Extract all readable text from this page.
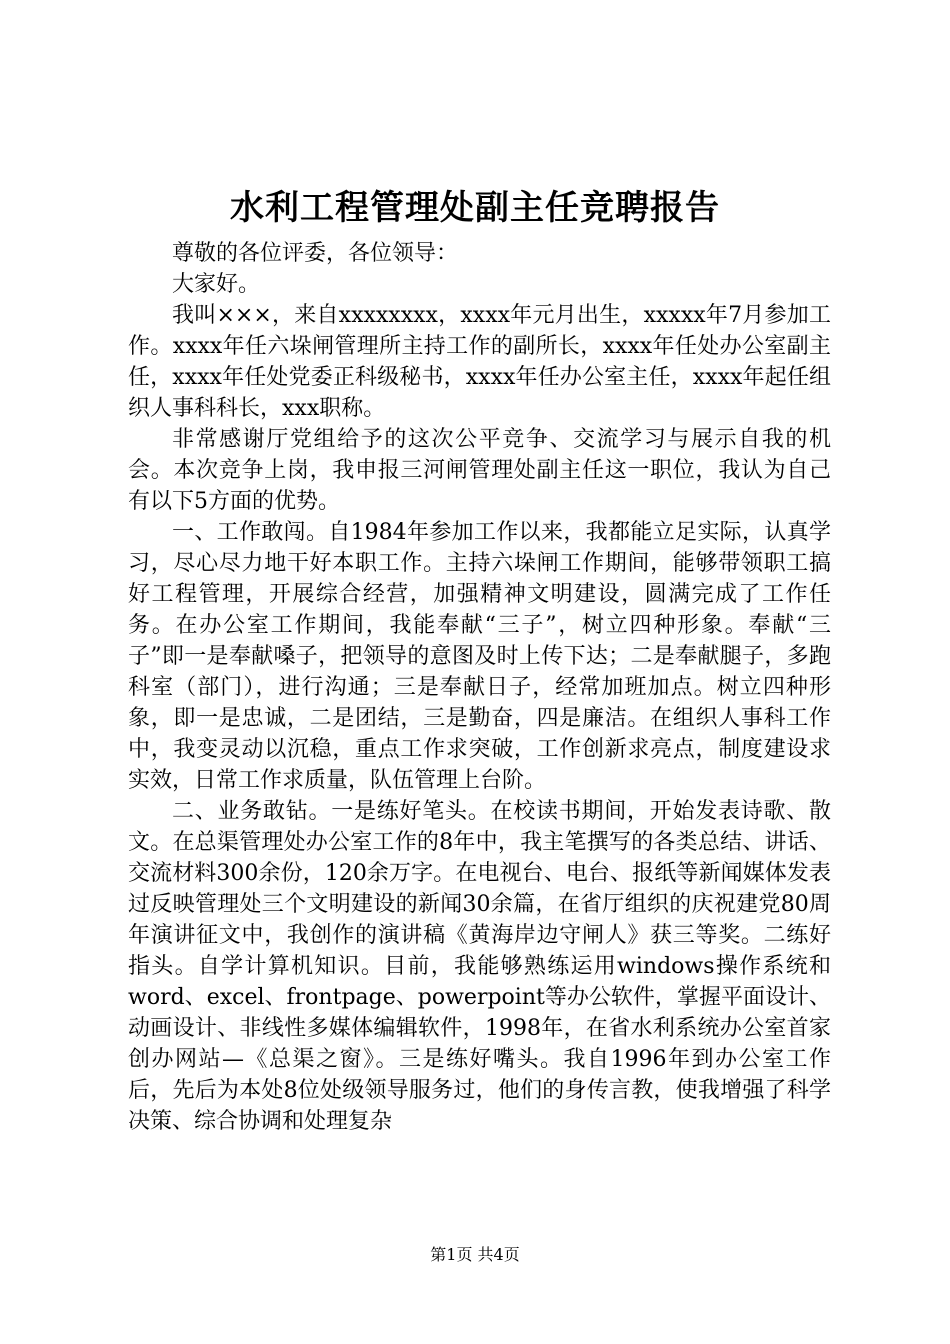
水利工程管理处副主任竞聘报告

尊敬的各位评委，各位领导：

大家好。

我叫×××，来自xxxxxxxx，xxxx年元月出生，xxxxx年7月参加工作。xxxx年任六垛闸管理所主持工作的副所长，xxxx年任处办公室副主任，xxxx年任处党委正科级秘书，xxxx年任办公室主任，xxxx年起任组织人事科科长，xxx职称。

非常感谢厅党组给予的这次公平竞争、交流学习与展示自我的机会。本次竞争上岗，我申报三河闸管理处副主任这一职位，我认为自己有以下5方面的优势。

一、工作敢闯。自1984年参加工作以来，我都能立足实际，认真学习，尽心尽力地干好本职工作。主持六垛闸工作期间，能够带领职工搞好工程管理，开展综合经营，加强精神文明建设，圆满完成了工作任务。在办公室工作期间，我能奉献“三子”，树立四种形象。奉献“三子”即一是奉献嗓子，把领导的意图及时上传下达；二是奉献腿子，多跑科室（部门），进行沟通；三是奉献日子，经常加班加点。树立四种形象，即一是忠诚，二是团结，三是勤奋，四是廉洁。在组织人事科工作中，我变灵动以沉稳，重点工作求突破，工作创新求亮点，制度建设求实效，日常工作求质量，队伍管理上台阶。

二、业务敢钻。一是练好笔头。在校读书期间，开始发表诗歌、散文。在总渠管理处办公室工作的8年中，我主笔撰写的各类总结、讲话、交流材料300余份，120余万字。在电视台、电台、报纸等新闻媒体发表过反映管理处三个文明建设的新闻30余篇，在省厅组织的庆祝建党80周年演讲征文中，我创作的演讲稿《黄海岸边守闸人》获三等奖。二练好指头。自学计算机知识。目前，我能够熟练运用windows操作系统和word、excel、frontpage、powerpoint等办公软件，掌握平面设计、动画设计、非线性多媒体编辑软件，1998年，在省水利系统办公室首家创办网站—《总渠之窗》。三是练好嘴头。我自1996年到办公室工作后，先后为本处8位处级领导服务过，他们的身传言教，使我增强了科学决策、综合协调和处理复杂

第1页 共4页
